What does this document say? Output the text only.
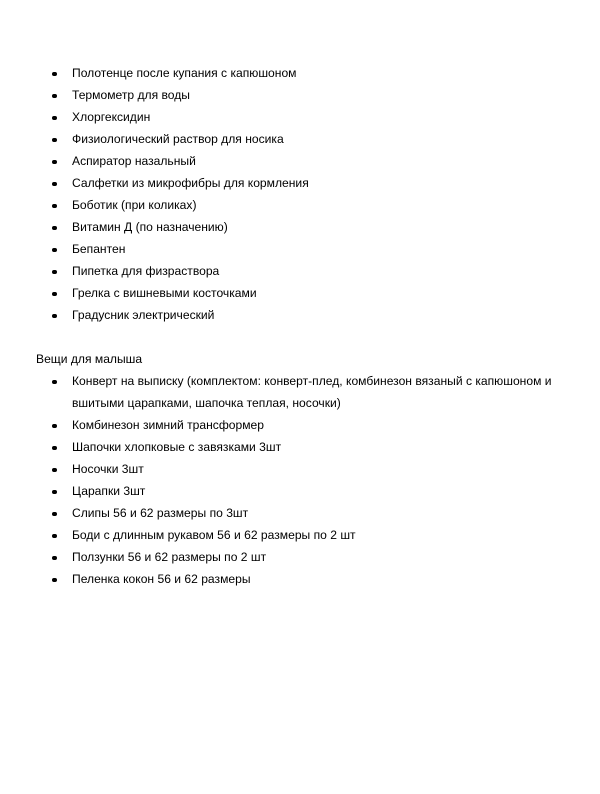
Полотенце после купания с капюшоном
Термометр для воды
Хлоргексидин
Физиологический раствор для носика
Аспиратор назальный
Салфетки из микрофибры для кормления
Боботик (при коликах)
Витамин Д (по назначению)
Бепантен
Пипетка для физраствора
Грелка с вишневыми косточками
Градусник электрический

Вещи для малыша

Конверт на выписку (комплектом: конверт-плед, комбинезон вязаный с капюшоном и вшитыми царапками, шапочка теплая, носочки)
Комбинезон зимний трансформер
Шапочки хлопковые с завязками 3шт
Носочки 3шт
Царапки 3шт
Слипы 56 и 62 размеры по 3шт
Боди с длинным рукавом 56 и 62 размеры по 2 шт
Ползунки 56 и 62 размеры по 2 шт
Пеленка кокон 56 и 62 размеры
